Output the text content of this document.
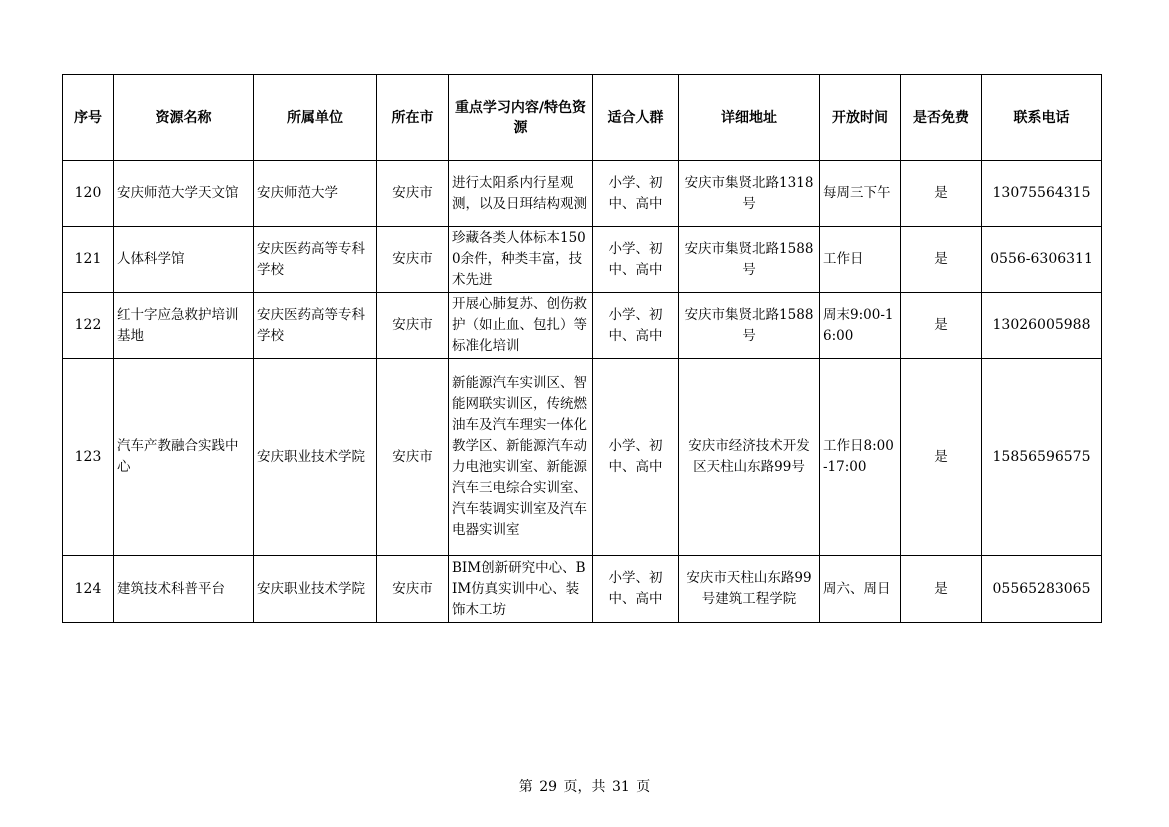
序号	资源名称	所属单位	所在市	重点学习内容/特色资源	适合人群	详细地址	开放时间	是否免费	联系电话
120	安庆师范大学天文馆	安庆师范大学	安庆市	进行太阳系内行星观测，以及日珥结构观测	小学、初中、高中	安庆市集贤北路1318号	每周三下午	是	13075564315
121	人体科学馆	安庆医药高等专科学校	安庆市	珍藏各类人体标本1500余件，种类丰富，技术先进	小学、初中、高中	安庆市集贤北路1588号	工作日	是	0556-6306311
122	红十字应急救护培训基地	安庆医药高等专科学校	安庆市	开展心肺复苏、创伤救护（如止血、包扎）等标准化培训	小学、初中、高中	安庆市集贤北路1588号	周末9:00-16:00	是	13026005988
123	汽车产教融合实践中心	安庆职业技术学院	安庆市	新能源汽车实训区、智能网联实训区，传统燃油车及汽车理实一体化教学区、新能源汽车动力电池实训室、新能源汽车三电综合实训室、汽车装调实训室及汽车电器实训室	小学、初中、高中	安庆市经济技术开发区天柱山东路99号	工作日8:00-17:00	是	15856596575
124	建筑技术科普平台	安庆职业技术学院	安庆市	BIM创新研究中心、BIM仿真实训中心、装饰木工坊	小学、初中、高中	安庆市天柱山东路99号建筑工程学院	周六、周日	是	05565283065
第 29 页，共 31 页
